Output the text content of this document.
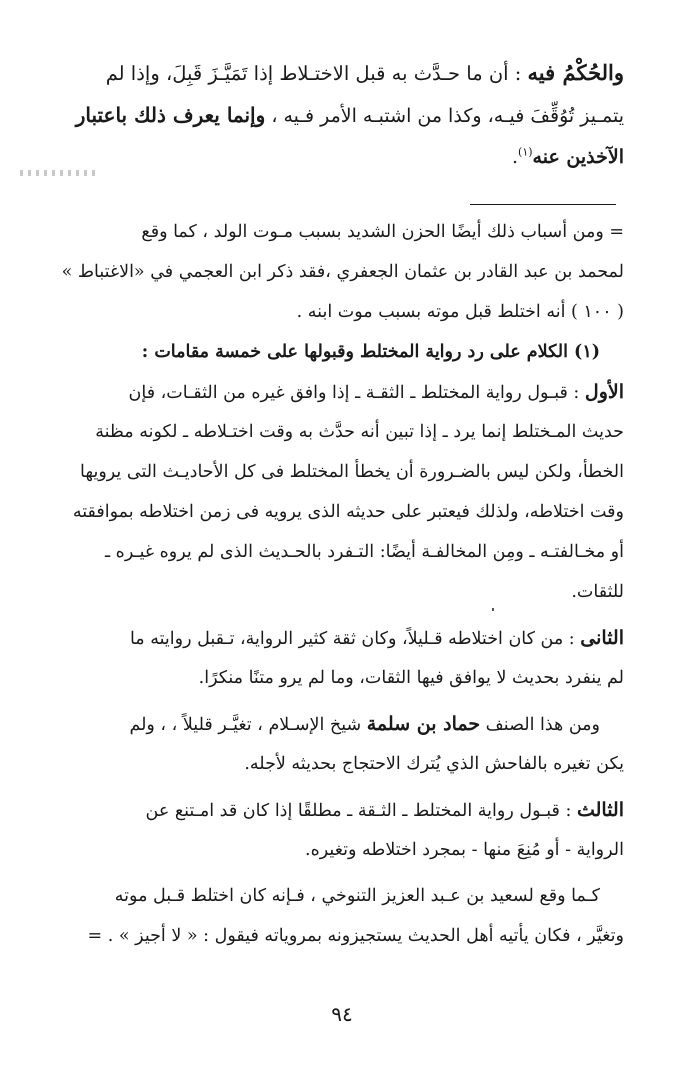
والحُكْمُ فيه : أن ما حـدَّث به قبل الاختـلاط إذا تَمَيَّـزَ قَبِلَ، وإذا لم
يتمـيز تُوُقِّفَ فيـه، وكذا من اشتبـه الأمر فـيه ، وإنما يعرف ذلك باعتبار
الآخذين عنه$^{(١)}$.
= ومن أسباب ذلك أيضًا الحزن الشديد بسبب مـوت الولد ، كما وقع
لمحمد بن عبد القادر بن عثمان الجعفري ،فقد ذكر ابن العجمي في «الاغتباط »
( ١٠٠ ) أنه اختلط قبل موته بسبب موت ابنه .
(١) الكلام على رد رواية المختلط وقبولها على خمسة مقامات :
الأول : قبـول رواية المختلط ـ الثقـة ـ إذا وافق غيره من الثقـات، فإن
حديث المـختلط إنما يرد ـ إذا تبين أنه حدَّث به وقت اختـلاطه ـ لكونه مظنة
الخطأ، ولكن ليس بالضـرورة أن يخطأ المختلط فى كل الأحاديـث التى يرويها
وقت اختلاطه، ولذلك فيعتبر على حديثه الذى يرويه فى زمن اختلاطه بموافقته
أو مخـالفتـه ـ ومِن المخالفـة أيضًا: التـفرد بالحـديث الذى لم يروه غيـره ـ
للثقات.
الثانى : من كان اختلاطه قـليلاً، وكان ثقة كثير الرواية، تـقبل روايته ما
لم ينفرد بحديث لا يوافق فيها الثقات، وما لم يرو متنًا منكرًا.
ومن هذا الصنف حماد بن سلمة شيخ الإسـلام ، تغيَّـر قليلاً ، ، ولم
يكن تغيره بالفاحش الذي يُترك الاحتجاج بحديثه لأجله.
الثالث : قبـول رواية المختلط ـ الثـقة ـ مطلقًا إذا كان قد امـتنع عن
الرواية - أو مُنِعَ منها - بمجرد اختلاطه وتغيره.
كـما وقع لسعيد بن عـبد العزيز التنوخي ، فـإنه كان اختلط قـبل موته
وتغيَّر ، فكان يأتيه أهل الحديث يستجيزونه بمروياته فيقول : « لا أجيز » . =
٩٤
